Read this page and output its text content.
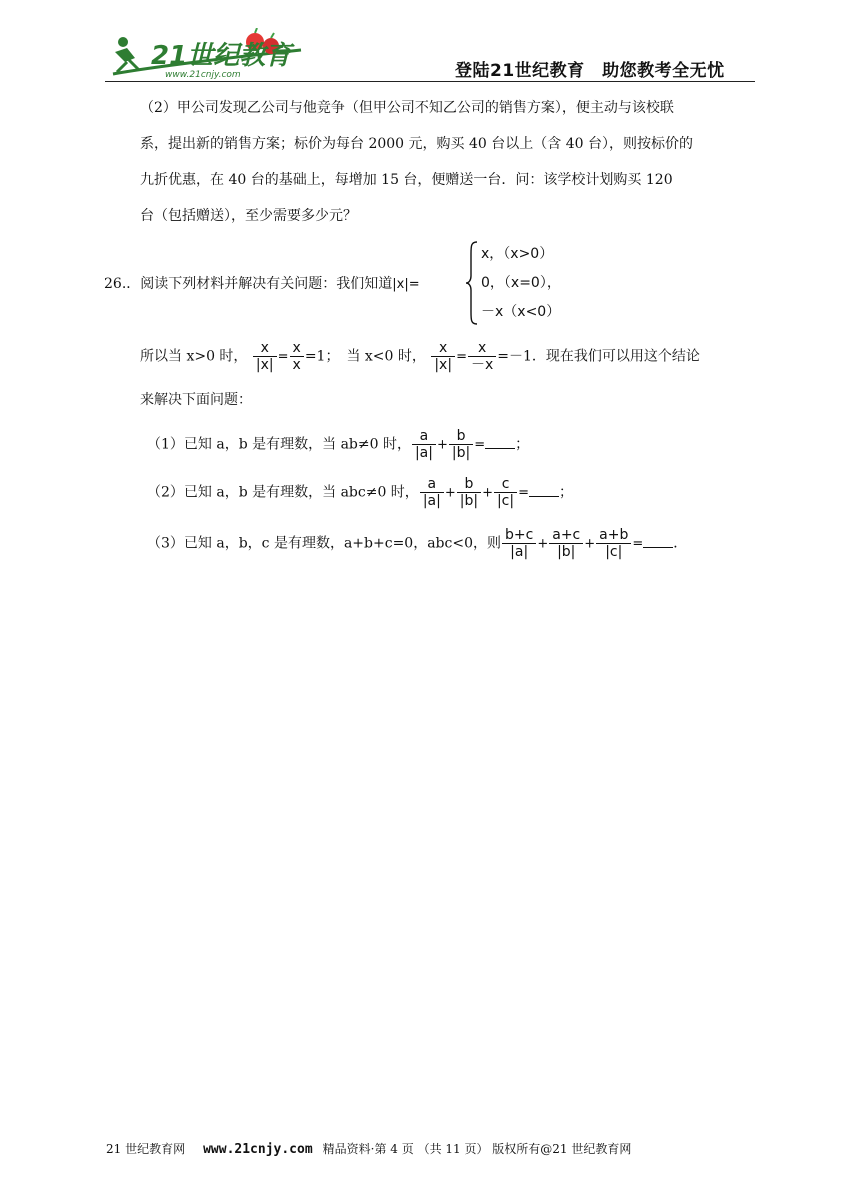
21世纪教育
www.21cnjy.com	登陆21世纪教育　助您教考全无忧
（2）甲公司发现乙公司与他竞争（但甲公司不知乙公司的销售方案），便主动与该校联
系，提出新的销售方案；标价为每台 2000 元，购买 40 台以上（含 40 台），则按标价的
九折优惠，在 40 台的基础上，每增加 15 台，便赠送一台．问：该学校计划购买 120
台（包括赠送），至少需要多少元？
26.．阅读下列材料并解决有关问题：我们知道|x|=
x，（x>0）
0，（x=0），
－x（x<0）
所以当 x>0 时， $\frac{x}{|x|} = \frac{x}{x} =1$；　当 x<0 时， $\frac{x}{|x|} = \frac{x}{-x} =-1$．现在我们可以用这个结论
来解决下面问题：
（1）已知 a，b 是有理数，当 ab≠0 时， $\frac{a}{|a|} + \frac{b}{|b|}$ = ；
（2）已知 a，b 是有理数，当 abc≠0 时， $\frac{a}{|a|} + \frac{b}{|b|} + \frac{c}{|c|}$ = ；
（3）已知 a，b，c 是有理数，a+b+c=0，abc<0，则 $\frac{b+c}{|a|} + \frac{a+c}{|b|} + \frac{a+b}{|c|}$ = ．
21 世纪教育网 www.21cnjy.com 精品资料·第 4 页 （共 11 页） 版权所有@21 世纪教育网
